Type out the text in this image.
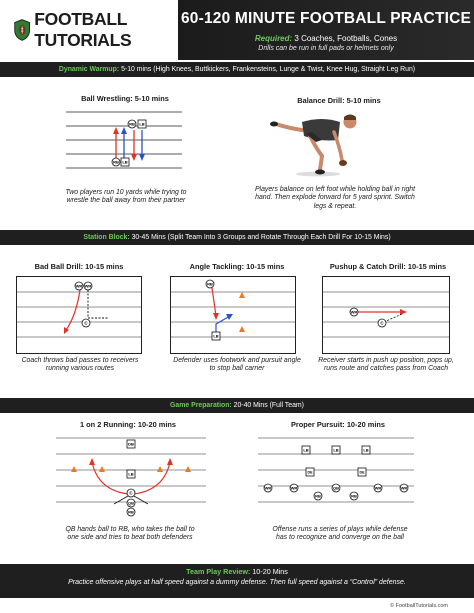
FOOTBALL TUTORIALS
60-120 MINUTE FOOTBALL PRACTICE
Required: 3 Coaches, Footballs, Cones
Drills can be run in full pads or helmets only
Dynamic Warmup: 5-10 mins (High Knees, Buttkickers, Frankensteins, Lunge & Twist, Knee Hug, Straight Leg Run)
Ball Wrestling: 5-10 mins
RB LB
RB LB
Two players run 10 yards while trying to wrestle the ball away from their partner
Balance Drill: 5-10 mins
Players balance on left foot while holding ball in right hand. Then explode forward for 5 yard sprint. Switch legs & repeat.
Station Block: 30-45 Mins (Split Team Into 3 Groups and Rotate Through Each Drill For 10-15 Mins)
Bad Ball Drill: 10-15 mins
WR WR
C
Coach throws bad passes to receivers running various routes
Angle Tackling: 10-15 mins
RB
LB
Defender uses footwork and pursuit angle to stop ball carrier
Pushup & Catch Drill: 10-15 mins
WR
C
Receiver starts in push up position, pops up, runs route and catches pass from Coach
Game Preparation: 20-40 Mins (Full Team)
1 on 2 Running: 10-20 mins
DB
LB
C
QB
RB
QB hands ball to RB, who takes the ball to one side and tries to beat both defenders
Proper Pursuit: 10-20 mins
LB	LB	LB
DE	DE
WR	WR
QB
RB	RB
WR	WR
Offense runs a series of plays while defense has to recognize and converge on the ball
Team Play Review: 10-20 Mins
Practice offensive plays at half speed against a dummy defense. Then full speed against a “Control” defense.
© FootballTutorials.com
